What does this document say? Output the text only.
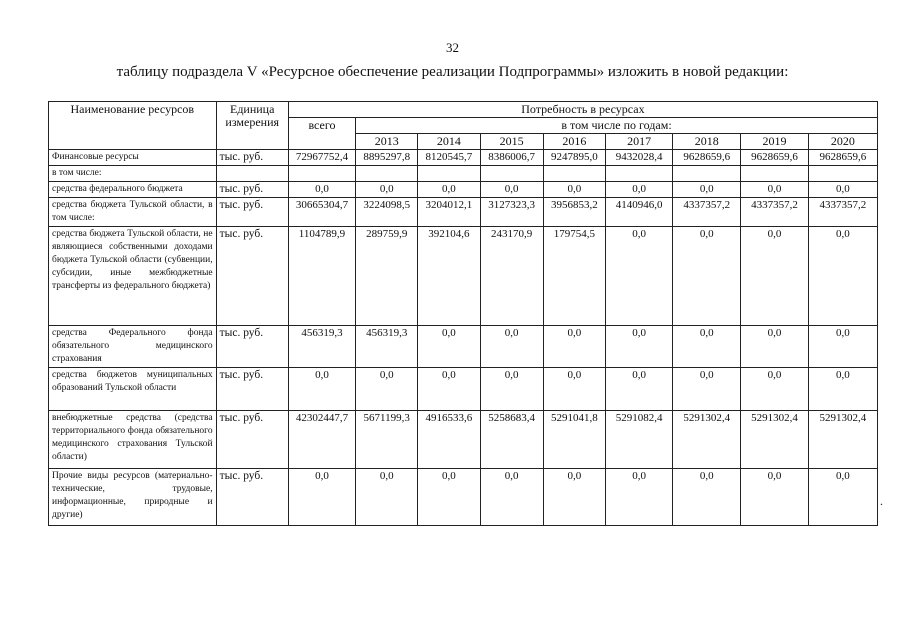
32
таблицу подраздела V «Ресурсное обеспечение реализации Подпрограммы» изложить в новой редакции:
Наименование ресурсов	Единица измерения	Потребность в ресурсах								
		всего	в том числе по годам:							
			2013	2014	2015	2016	2017	2018	2019	2020
Финансовые ресурсы	тыс. руб.	72967752,4	8895297,8	8120545,7	8386006,7	9247895,0	9432028,4	9628659,6	9628659,6	9628659,6
в том числе:										
средства федерального бюджета	тыс. руб.	0,0	0,0	0,0	0,0	0,0	0,0	0,0	0,0	0,0
средства бюджета Тульской области, в том числе:	тыс. руб.	30665304,7	3224098,5	3204012,1	3127323,3	3956853,2	4140946,0	4337357,2	4337357,2	4337357,2
средства бюджета Тульской области, не являющиеся собственными доходами бюджета Тульской области (субвенции, субсидии, иные межбюджетные трансферты из федерального бюджета)	тыс. руб.	1104789,9	289759,9	392104,6	243170,9	179754,5	0,0	0,0	0,0	0,0
средства Федерального фонда обязательного медицинского страхования	тыс. руб.	456319,3	456319,3	0,0	0,0	0,0	0,0	0,0	0,0	0,0
средства бюджетов муниципальных образований Тульской области	тыс. руб.	0,0	0,0	0,0	0,0	0,0	0,0	0,0	0,0	0,0
внебюджетные средства (средства территориального фонда обязательного медицинского страхования Тульской области)	тыс. руб.	42302447,7	5671199,3	4916533,6	5258683,4	5291041,8	5291082,4	5291302,4	5291302,4	5291302,4
Прочие виды ресурсов (материально-технические, трудовые, информационные, природные и другие)	тыс. руб.	0,0	0,0	0,0	0,0	0,0	0,0	0,0	0,0	0,0
.
